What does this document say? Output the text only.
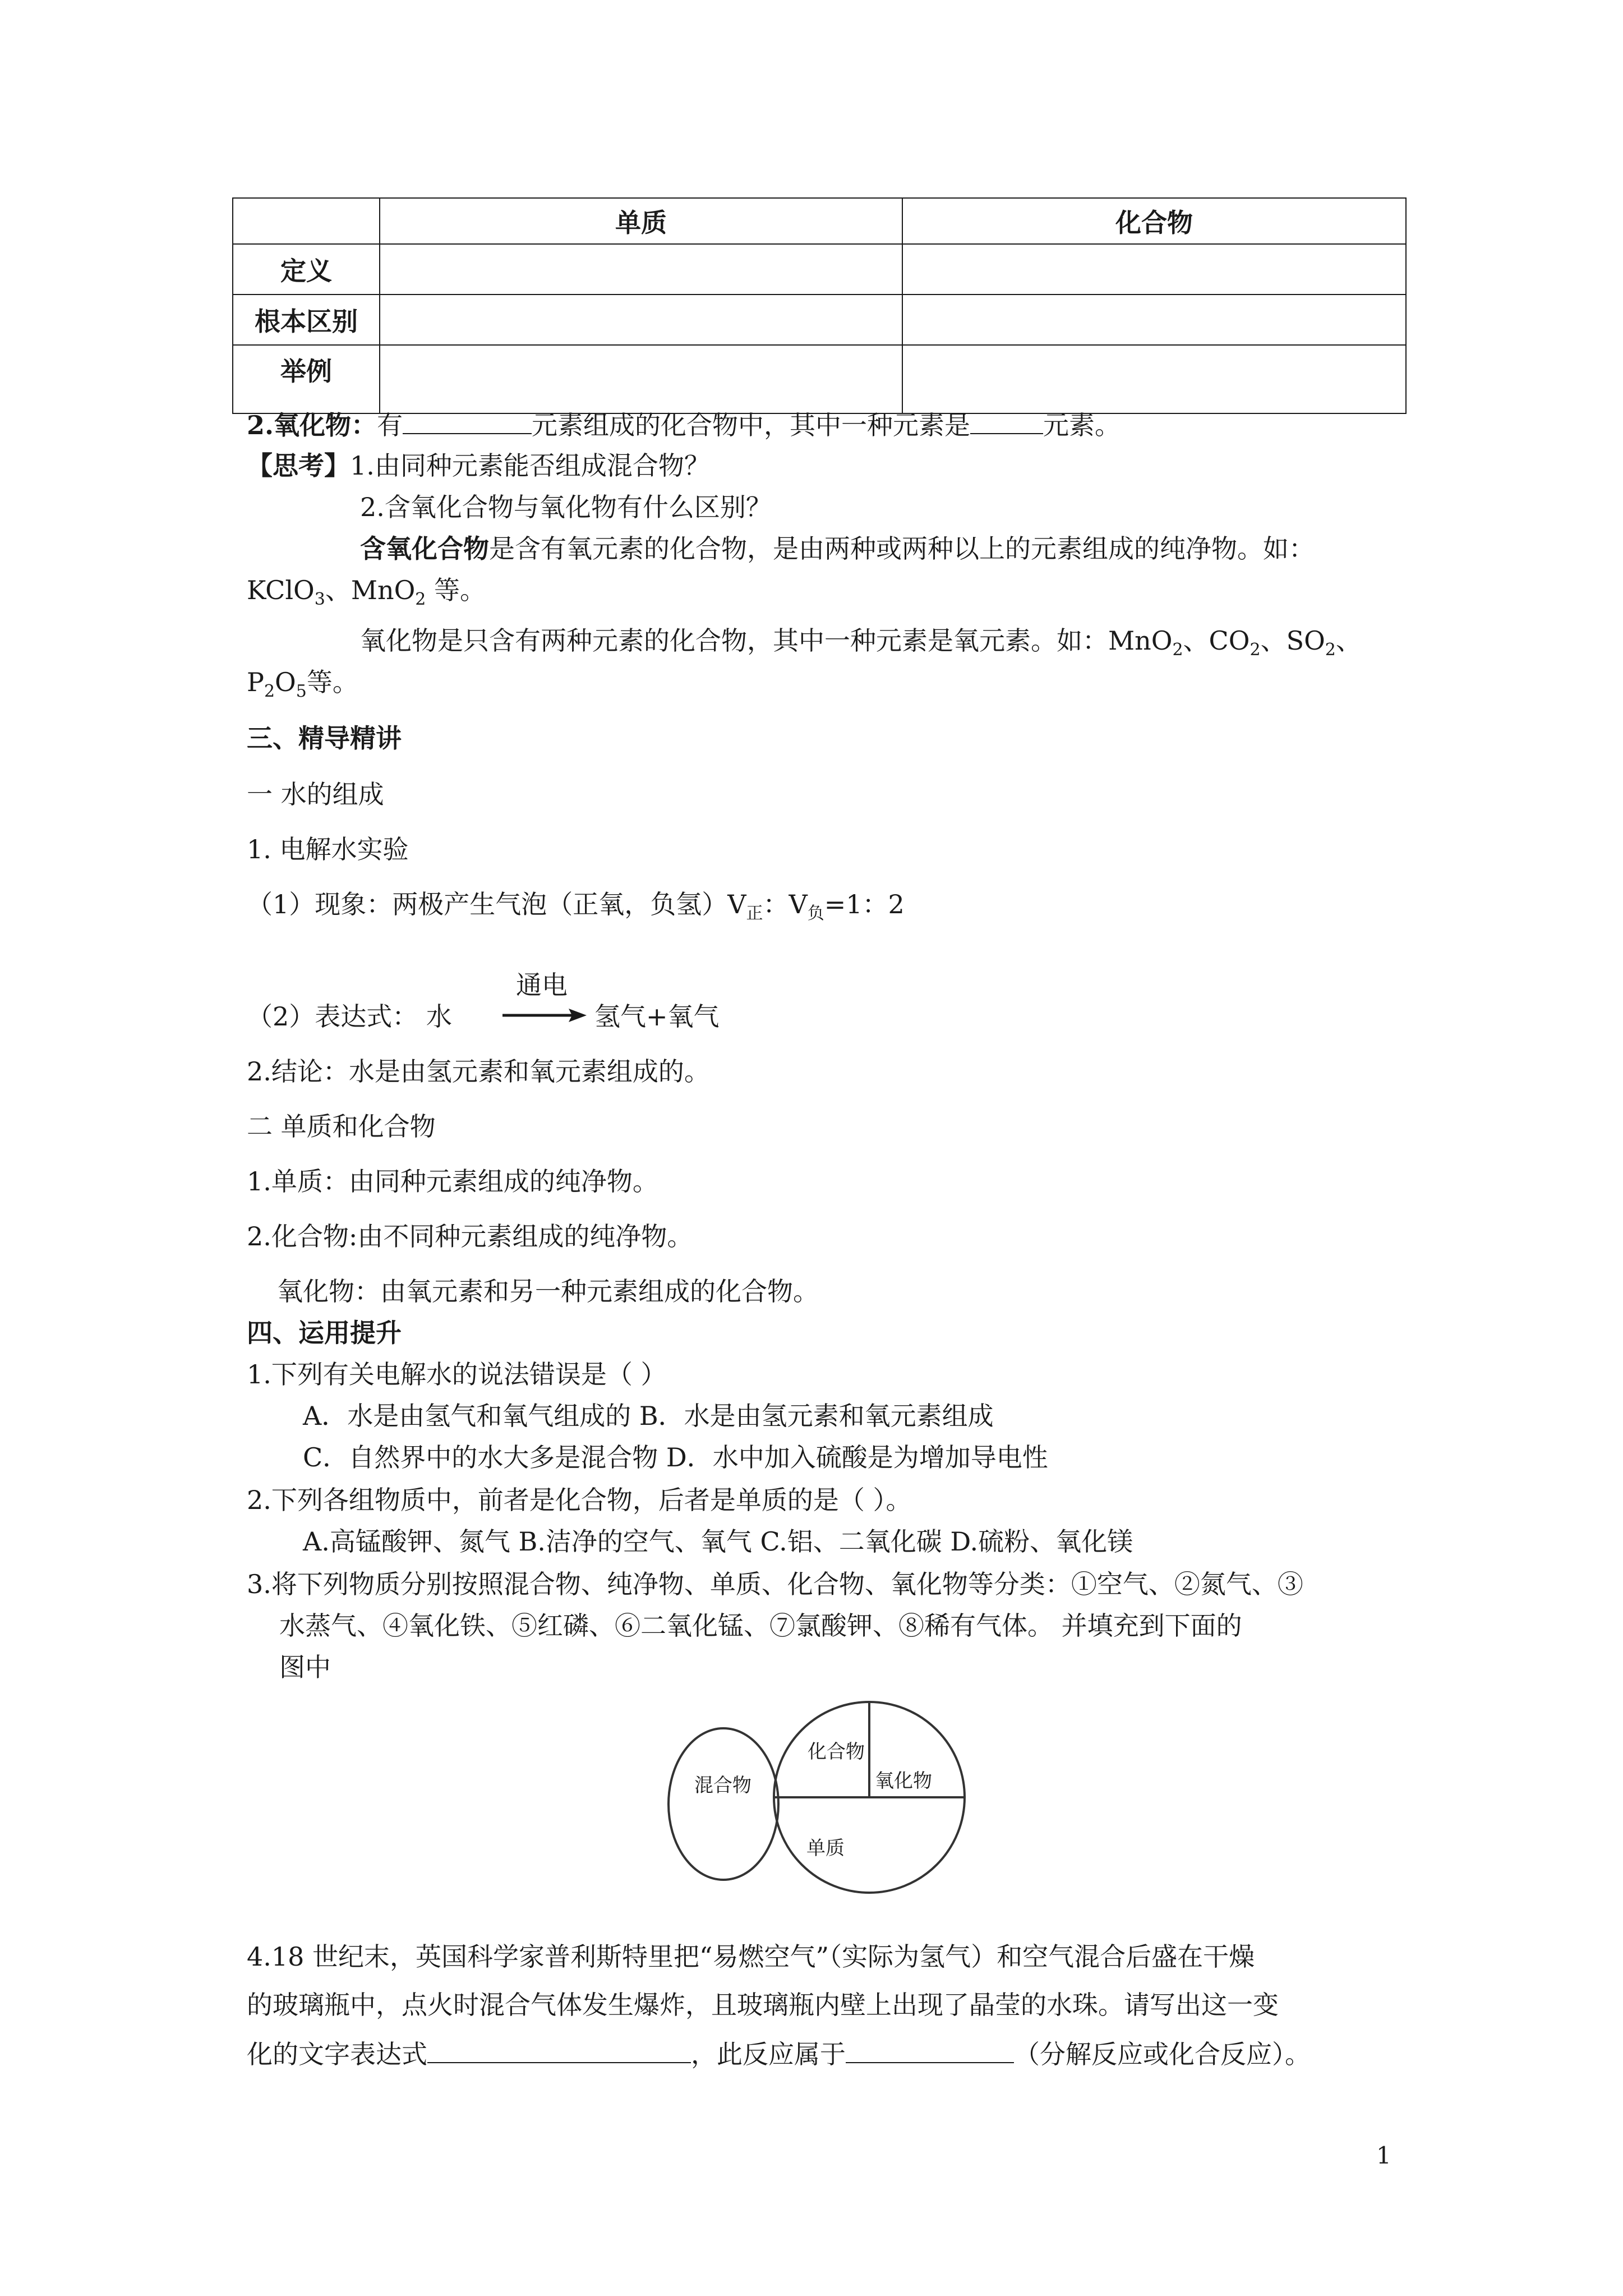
	单质	化合物
定义		
根本区别		
举例		
2.氧化物：有	元素组成的化合物中，其中一种元素是	元素。
【思考】1.由同种元素能否组成混合物？
2.含氧化合物与氧化物有什么区别？
含氧化合物是含有氧元素的化合物，是由两种或两种以上的元素组成的纯净物。如：
KClO$_3$、MnO$_2$ 等。
氧化物是只含有两种元素的化合物，其中一种元素是氧元素。如：MnO$_2$、$CO_2$、$SO_2$、
$P_2O_5$等。
三、精导精讲
一 水的组成
1. 电解水实验
（1）现象：两极产生气泡（正氧，负氢）$V_正$：$V_负=1$：2
通电
（2）表达式： 水	氢气+氧气
2.结论：水是由氢元素和氧元素组成的。
二 单质和化合物
1.单质：由同种元素组成的纯净物。
2.化合物:由不同种元素组成的纯净物。
氧化物：由氧元素和另一种元素组成的化合物。
四、运用提升
1.下列有关电解水的说法错误是（ ）
A．水是由氢气和氧气组成的 B．水是由氢元素和氧元素组成
C．自然界中的水大多是混合物 D．水中加入硫酸是为增加导电性
2.下列各组物质中，前者是化合物，后者是单质的是（ ）。
A.高锰酸钾、氮气 B.洁净的空气、氧气 C.铝、二氧化碳 D.硫粉、氧化镁
3.将下列物质分别按照混合物、纯净物、单质、化合物、氧化物等分类：①空气、②氮气、③
水蒸气、④氧化铁、⑤红磷、⑥二氧化锰、⑦氯酸钾、⑧稀有气体。 并填充到下面的
图中
混合物
化合物
氧化物
单质
4.18 世纪末，英国科学家普利斯特里把“易燃空气”（实际为氢气）和空气混合后盛在干燥
的玻璃瓶中，点火时混合气体发生爆炸，且玻璃瓶内壁上出现了晶莹的水珠。请写出这一变
化的文字表达式	，此反应属于	（分解反应或化合反应）。
1
